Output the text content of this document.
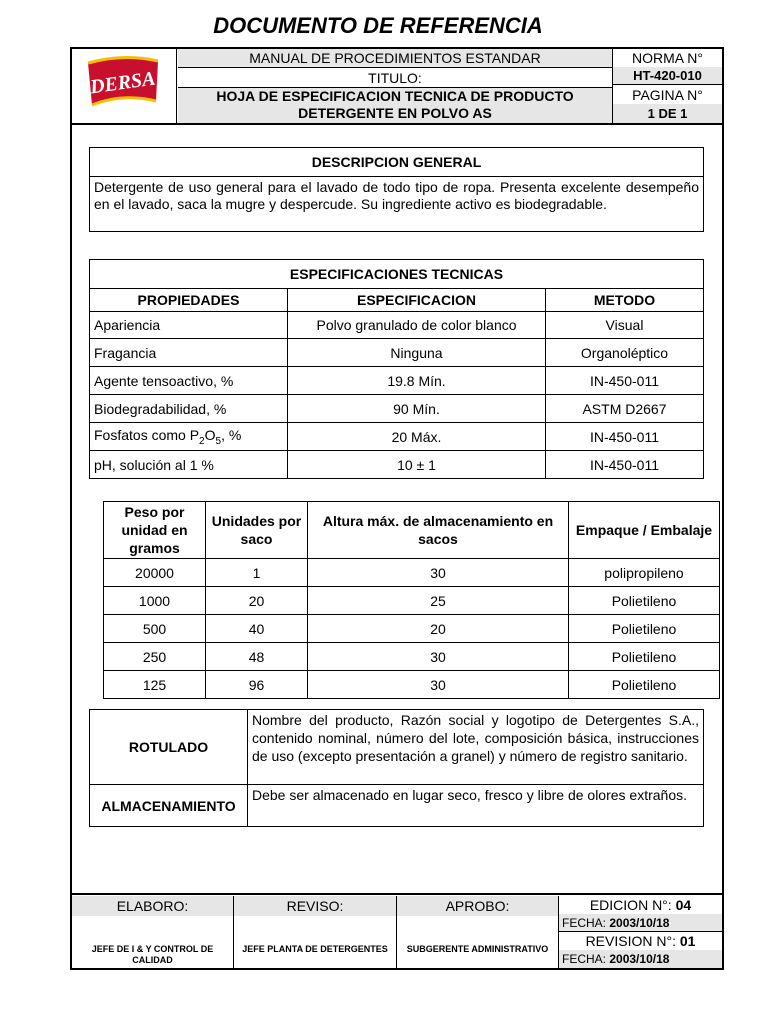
DOCUMENTO DE REFERENCIA
DERSA
MANUAL DE PROCEDIMIENTOS ESTANDAR
TITULO:
HOJA DE ESPECIFICACION TECNICA DE PRODUCTO
DETERGENTE EN POLVO AS
NORMA N°
HT-420-010
PAGINA N°
1 DE 1
DESCRIPCION GENERAL
Detergente de uso general para el lavado de todo tipo de ropa. Presenta excelente desempeño en el lavado, saca la mugre y despercude. Su ingrediente activo es biodegradable.
ESPECIFICACIONES TECNICAS		
PROPIEDADES	ESPECIFICACION	METODO
Apariencia	Polvo granulado de color blanco	Visual
Fragancia	Ninguna	Organoléptico
Agente tensoactivo, %	19.8 Mín.	IN-450-011
Biodegradabilidad, %	90 Mín.	ASTM D2667
Fosfatos como $P_2O_5$, %	20 Máx.	IN-450-011
pH, solución al 1 %	10 ± 1	IN-450-011
Peso por unidad en gramos	Unidades por saco	Altura máx. de almacenamiento en sacos	Empaque / Embalaje
20000	1	30	polipropileno
1000	20	25	Polietileno
500	40	20	Polietileno
250	48	30	Polietileno
125	96	30	Polietileno
ROTULADO	Nombre del producto, Razón social y logotipo de Detergentes S.A., contenido nominal, número del lote, composición básica, instrucciones de uso (excepto presentación a granel) y número de registro sanitario.
ALMACENAMIENTO	Debe ser almacenado en lugar seco, fresco y libre de olores extraños.
ELABORO:
JEFE DE I & Y CONTROL DE CALIDAD
REVISO:
JEFE PLANTA DE DETERGENTES
APROBO:
SUBGERENTE ADMINISTRATIVO
EDICION N°:
04
FECHA:
2003/10/18
REVISION N°:
01
FECHA:
2003/10/18
